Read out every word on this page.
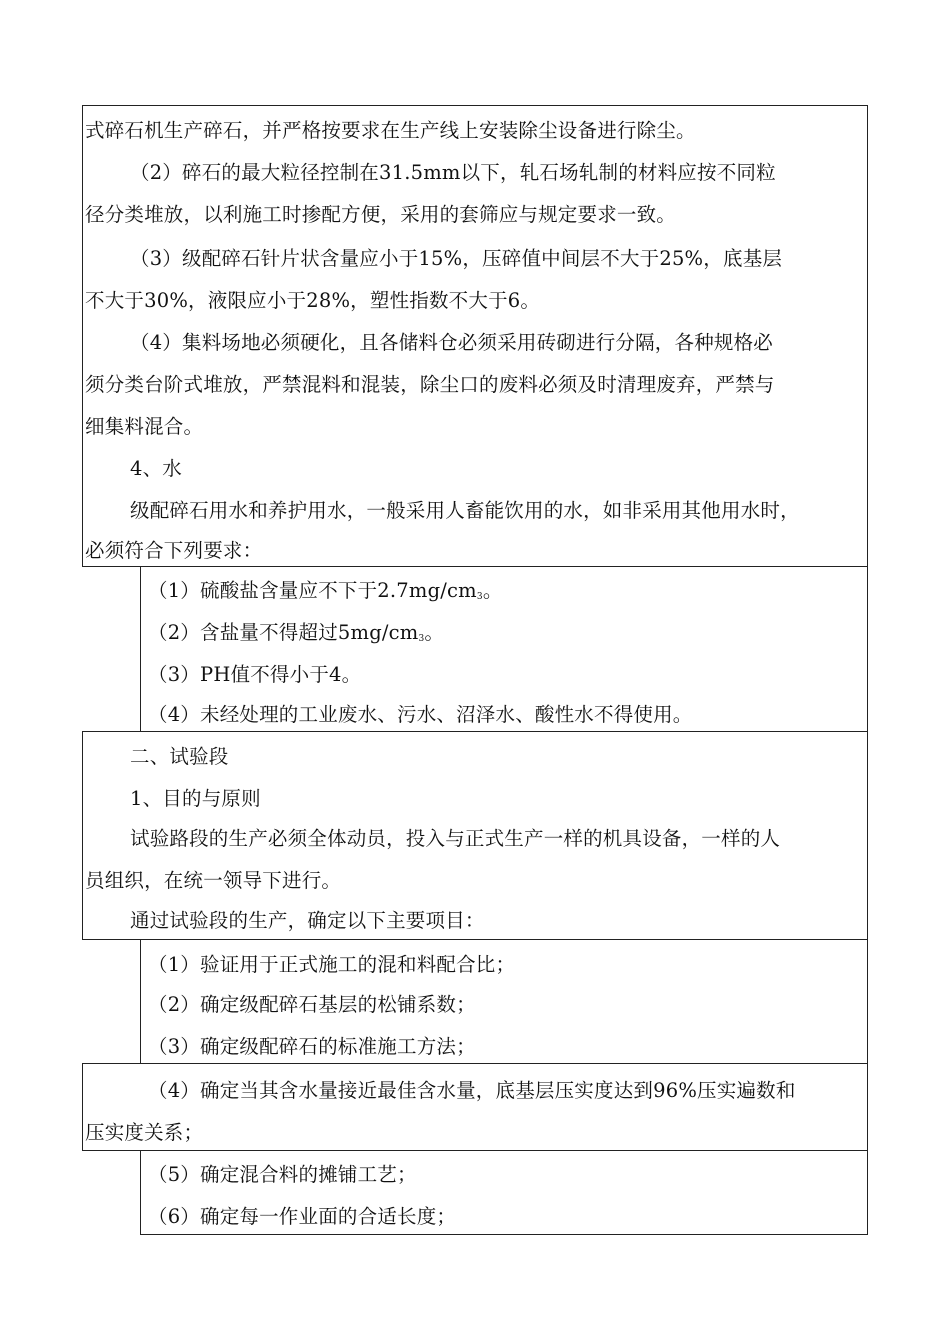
式碎石机生产碎石，并严格按要求在生产线上安装除尘设备进行除尘。
（2）碎石的最大粒径控制在31.5mm以下，轧石场轧制的材料应按不同粒
径分类堆放，以利施工时掺配方便，采用的套筛应与规定要求一致。
（3）级配碎石针片状含量应小于15%，压碎值中间层不大于25%，底基层
不大于30%，液限应小于28%，塑性指数不大于6。
（4）集料场地必须硬化，且各储料仓必须采用砖砌进行分隔，各种规格必
须分类台阶式堆放，严禁混料和混装，除尘口的废料必须及时清理废弃，严禁与
细集料混合。
4、水
级配碎石用水和养护用水，一般采用人畜能饮用的水，如非采用其他用水时，
必须符合下列要求：
（1）硫酸盐含量应不下于$2.7mg/cm_3$。
（2）含盐量不得超过$5mg/cm_3$。
（3）PH值不得小于4。
（4）未经处理的工业废水、污水、沼泽水、酸性水不得使用。
二、试验段
1、目的与原则
试验路段的生产必须全体动员，投入与正式生产一样的机具设备，一样的人
员组织，在统一领导下进行。
通过试验段的生产，确定以下主要项目：
（1）验证用于正式施工的混和料配合比；
（2）确定级配碎石基层的松铺系数；
（3）确定级配碎石的标准施工方法；
（4）确定当其含水量接近最佳含水量，底基层压实度达到96%压实遍数和
压实度关系；
（5）确定混合料的摊铺工艺；
（6）确定每一作业面的合适长度；
